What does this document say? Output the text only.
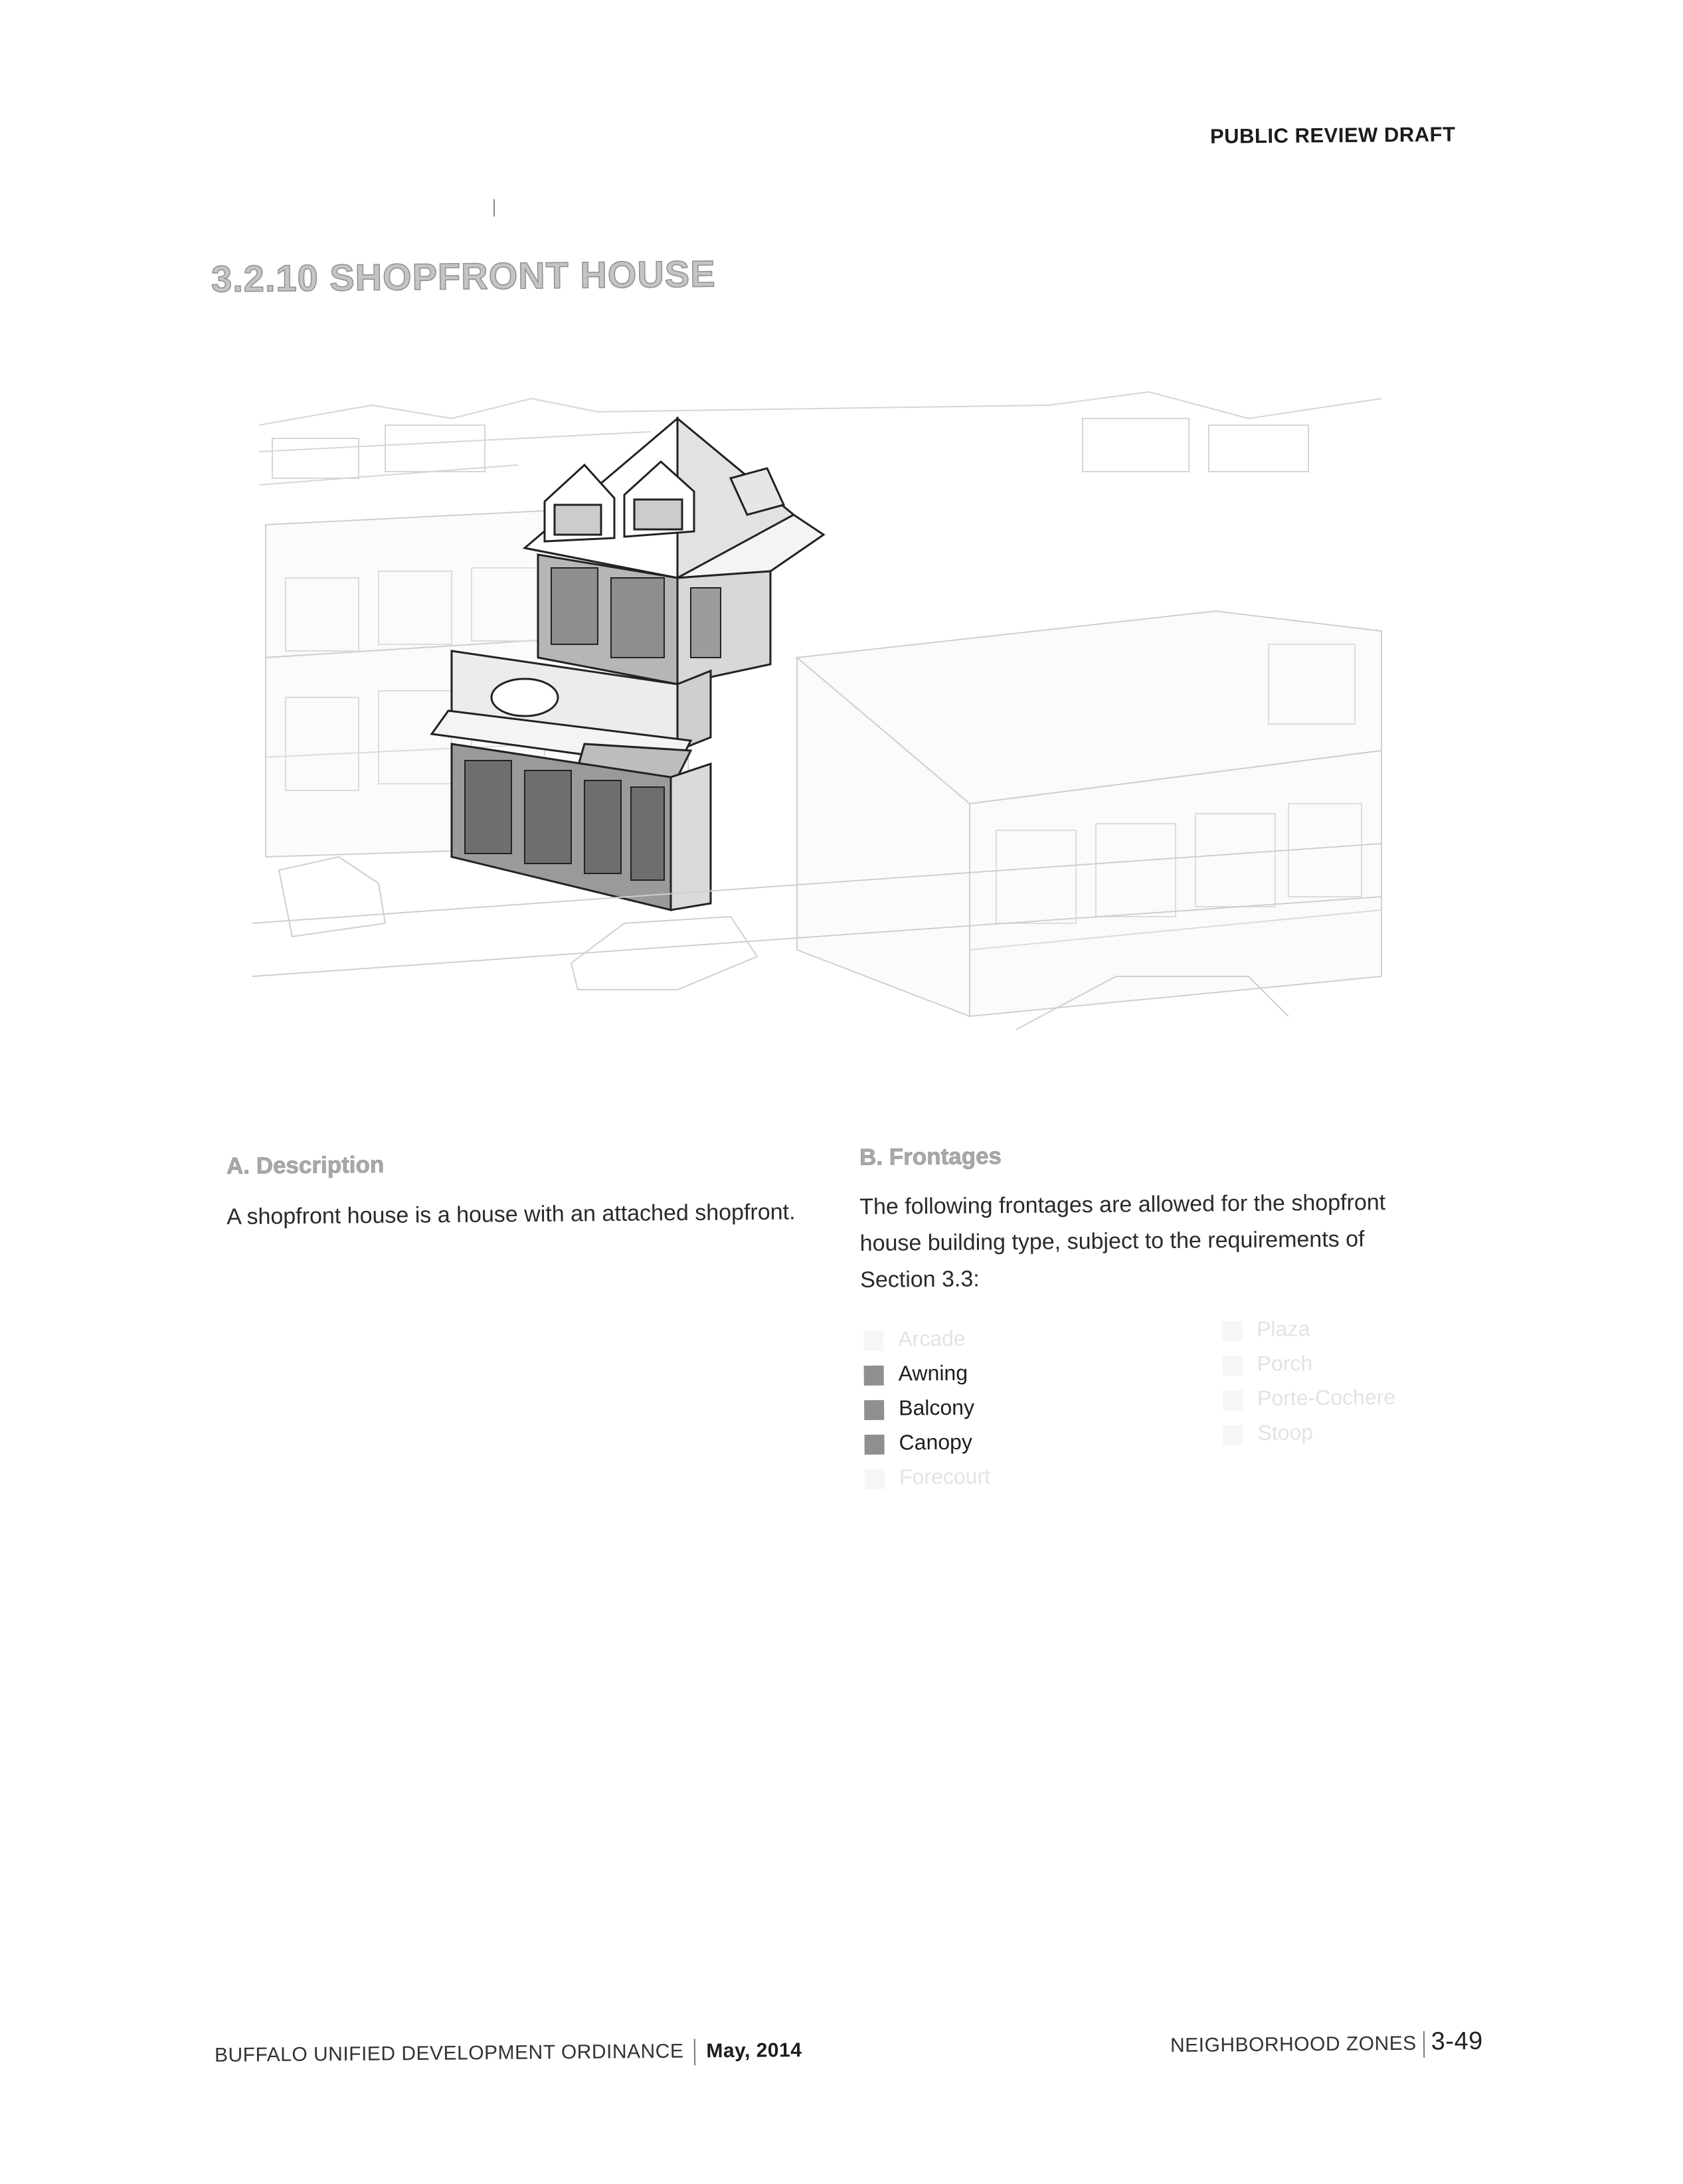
PUBLIC REVIEW DRAFT
3.2.10 SHOPFRONT HOUSE
A. Description
A shopfront house is a house with an attached shopfront.
B. Frontages
The following frontages are allowed for the shopfront house building type, subject to the requirements of Section 3.3:
Arcade
Awning
Balcony
Canopy
Forecourt
Plaza
Porch
Porte-Cochere
Stoop
BUFFALO UNIFIED DEVELOPMENT ORDINANCE May, 2014	NEIGHBORHOOD ZONES 3-49
